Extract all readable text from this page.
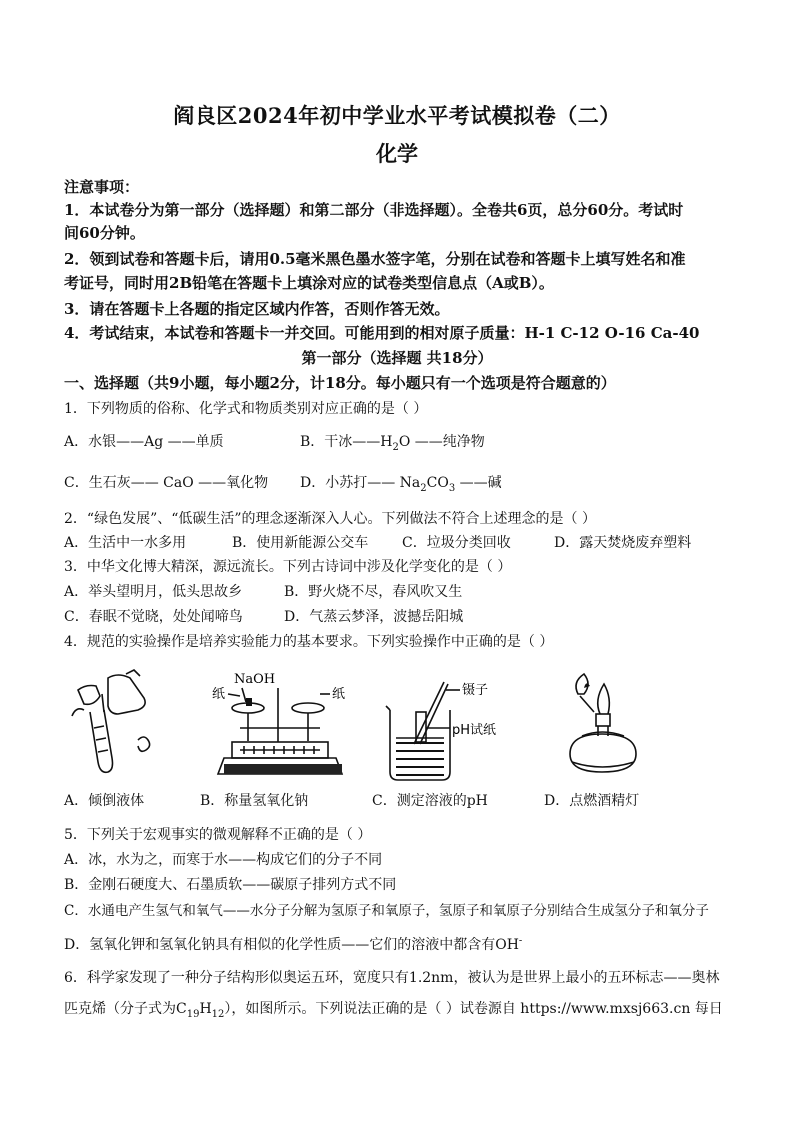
阎良区2024年初中学业水平考试模拟卷（二）
化学
注意事项：
1．本试卷分为第一部分（选择题）和第二部分（非选择题）。全卷共6页，总分60分。考试时
间60分钟。
2．领到试卷和答题卡后，请用0.5毫米黑色墨水签字笔，分别在试卷和答题卡上填写姓名和准
考证号，同时用2B铅笔在答题卡上填涂对应的试卷类型信息点（A或B）。
3．请在答题卡上各题的指定区域内作答，否则作答无效。
4．考试结束，本试卷和答题卡一并交回。可能用到的相对原子质量：H-1 C-12 O-16 Ca-40
第一部分（选择题 共18分）
一、选择题（共9小题，每小题2分，计18分。每小题只有一个选项是符合题意的）
1．下列物质的俗称、化学式和物质类别对应正确的是（ ）
A．水银——Ag ——单质	B．干冰$——H_2O$ ——纯净物
C．生石灰—— CaO ——氧化物 D．小苏打—— $Na_2CO_3$ ——碱
2．“绿色发展”、“低碳生活”的理念逐渐深入人心。下列做法不符合上述理念的是（ ）
A．生活中一水多用	B．使用新能源公交车 C．垃圾分类回收	D．露天焚烧废弃塑料
3．中华文化博大精深，源远流长。下列古诗词中涉及化学变化的是（ ）
A．举头望明月，低头思故乡	B．野火烧不尽，春风吹又生
C．春眠不觉晓，处处闻啼鸟	D．气蒸云梦泽，波撼岳阳城
4．规范的实验操作是培养实验能力的基本要求。下列实验操作中正确的是（ ）
NaOH
纸	纸	镊子
pH试纸
A．倾倒液体	B．称量氢氧化钠	C．测定溶液的pH	D．点燃酒精灯
5．下列关于宏观事实的微观解释不正确的是（ ）
A．冰，水为之，而寒于水——构成它们的分子不同
B．金刚石硬度大、石墨质软——碳原子排列方式不同
C．水通电产生氢气和氧气——水分子分解为氢原子和氧原子，氢原子和氧原子分别结合生成氢分子和氧分子
D．氢氧化钾和氢氧化钠具有相似的化学性质——它们的溶液中都含有OH-
6．科学家发现了一种分子结构形似奥运五环，宽度只有1.2nm，被认为是世界上最小的五环标志——奥林
匹克烯（分子式为$C_{19}H_{12}$），如图所示。下列说法正确的是（ ）试卷源自 https://www.mxsj663.cn 每日
